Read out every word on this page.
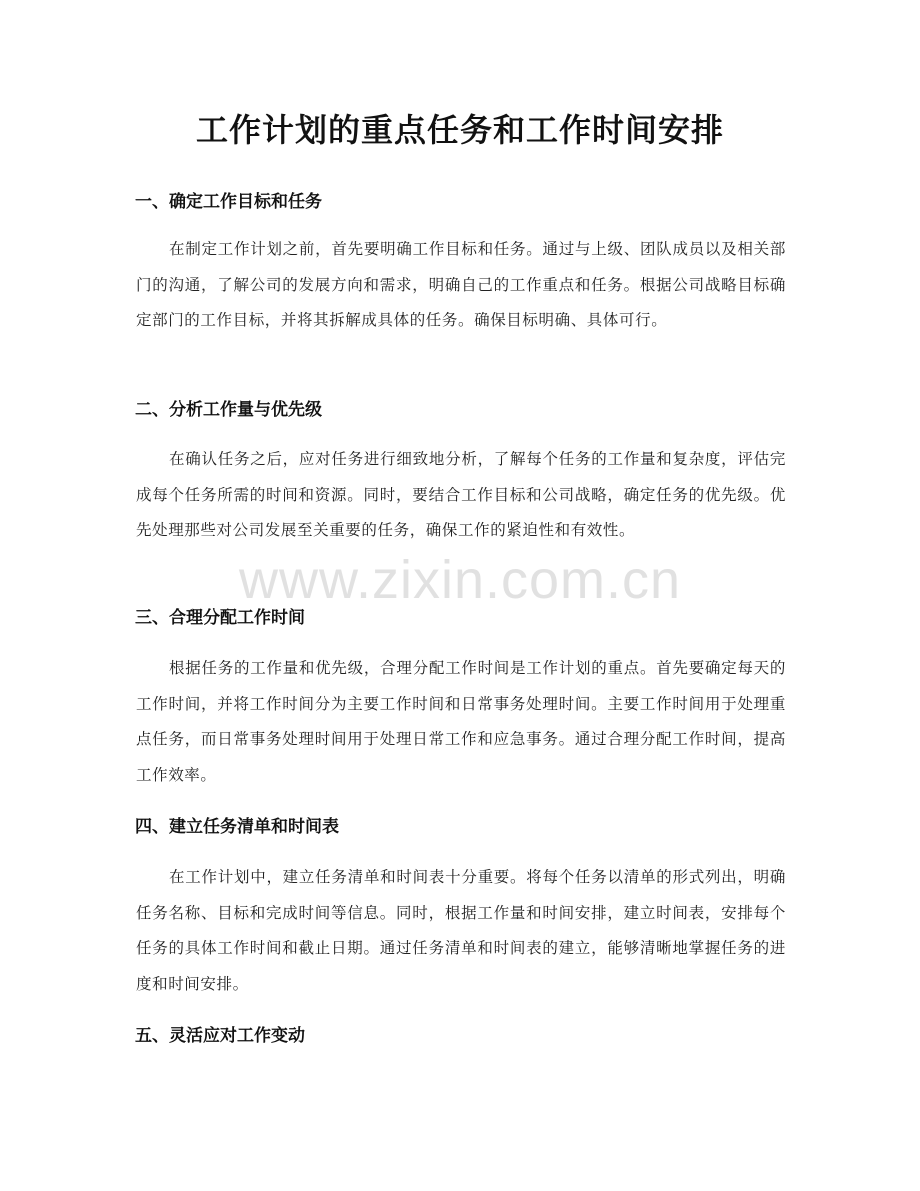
工作计划的重点任务和工作时间安排
一、确定工作目标和任务

在制定工作计划之前，首先要明确工作目标和任务。通过与上级、团队成员以及相关部门的沟通，了解公司的发展方向和需求，明确自己的工作重点和任务。根据公司战略目标确定部门的工作目标，并将其拆解成具体的任务。确保目标明确、具体可行。

二、分析工作量与优先级

在确认任务之后，应对任务进行细致地分析，了解每个任务的工作量和复杂度，评估完成每个任务所需的时间和资源。同时，要结合工作目标和公司战略，确定任务的优先级。优先处理那些对公司发展至关重要的任务，确保工作的紧迫性和有效性。

三、合理分配工作时间

根据任务的工作量和优先级，合理分配工作时间是工作计划的重点。首先要确定每天的工作时间，并将工作时间分为主要工作时间和日常事务处理时间。主要工作时间用于处理重点任务，而日常事务处理时间用于处理日常工作和应急事务。通过合理分配工作时间，提高工作效率。

四、建立任务清单和时间表

在工作计划中，建立任务清单和时间表十分重要。将每个任务以清单的形式列出，明确任务名称、目标和完成时间等信息。同时，根据工作量和时间安排，建立时间表，安排每个任务的具体工作时间和截止日期。通过任务清单和时间表的建立，能够清晰地掌握任务的进度和时间安排。

五、灵活应对工作变动
www.zixin.com.cn
